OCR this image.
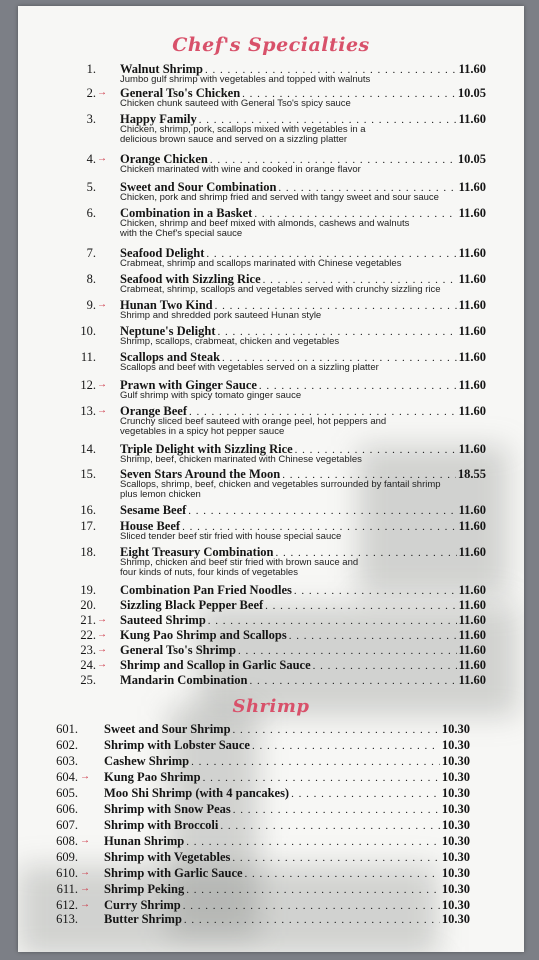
Chef's Specialties
1. Walnut Shrimp . . .	11.60
Jumbo gulf shrimp with vegetables and topped with walnuts
2. → General Tso's Chicken . . .	10.05
Chicken chunk sauteed with General Tso's spicy sauce
3. Happy Family . . .	11.60
Chicken, shrimp, pork, scallops mixed with vegetables in a
delicious brown sauce and served on a sizzling platter
4. → Orange Chicken . . .	10.05
Chicken marinated with wine and cooked in orange flavor
5. Sweet and Sour Combination . . .	11.60
Chicken, pork and shrimp fried and served with tangy sweet and sour sauce
6. Combination in a Basket . . .	11.60
Chicken, shrimp and beef mixed with almonds, cashews and walnuts
with the Chef's special sauce
7. Seafood Delight . . .	11.60
Crabmeat, shrimp and scallops marinated with Chinese vegetables
8. Seafood with Sizzling Rice . . .	11.60
Crabmeat, shrimp, scallops and vegetables served with crunchy sizzling rice
9. → Hunan Two Kind . . .	11.60
Shrimp and shredded pork sauteed Hunan style
10. Neptune's Delight . . .	11.60
Shrimp, scallops, crabmeat, chicken and vegetables
11. Scallops and Steak . . .	11.60
Scallops and beef with vegetables served on a sizzling platter
12. → Prawn with Ginger Sauce . . .	11.60
Gulf shrimp with spicy tomato ginger sauce
13. → Orange Beef . . .	11.60
Crunchy sliced beef sauteed with orange peel, hot peppers and
vegetables in a spicy hot pepper sauce
14. Triple Delight with Sizzling Rice . . .	11.60
Shrimp, beef, chicken marinated with Chinese vegetables
15. Seven Stars Around the Moon . . .	18.55
Scallops, shrimp, beef, chicken and vegetables surrounded by fantail shrimp
plus lemon chicken
16. Sesame Beef . . .	11.60
17. House Beef . . .	11.60
Sliced tender beef stir fried with house special sauce
18. Eight Treasury Combination . . .	11.60
Shrimp, chicken and beef stir fried with brown sauce and
four kinds of nuts, four kinds of vegetables
19. Combination Pan Fried Noodles . . .	11.60
20. Sizzling Black Pepper Beef . . .	11.60
21. → Sauteed Shrimp . . .	11.60
22. → Kung Pao Shrimp and Scallops . . .	11.60
23. → General Tso's Shrimp . . .	11.60
24. → Shrimp and Scallop in Garlic Sauce . . .	11.60
25. Mandarin Combination . . .	11.60
Shrimp
601. Sweet and Sour Shrimp . . .	10.30
602. Shrimp with Lobster Sauce . . .	10.30
603. Cashew Shrimp . . .	10.30
604. → Kung Pao Shrimp . . .	10.30
605. Moo Shi Shrimp (with 4 pancakes) . . .	10.30
606. Shrimp with Snow Peas . . .	10.30
607. Shrimp with Broccoli . . .	10.30
608. → Hunan Shrimp . . .	10.30
609. Shrimp with Vegetables . . .	10.30
610. → Shrimp with Garlic Sauce . . .	10.30
611. → Shrimp Peking . . .	10.30
612. → Curry Shrimp . . .	10.30
613. Butter Shrimp . . .	10.30
